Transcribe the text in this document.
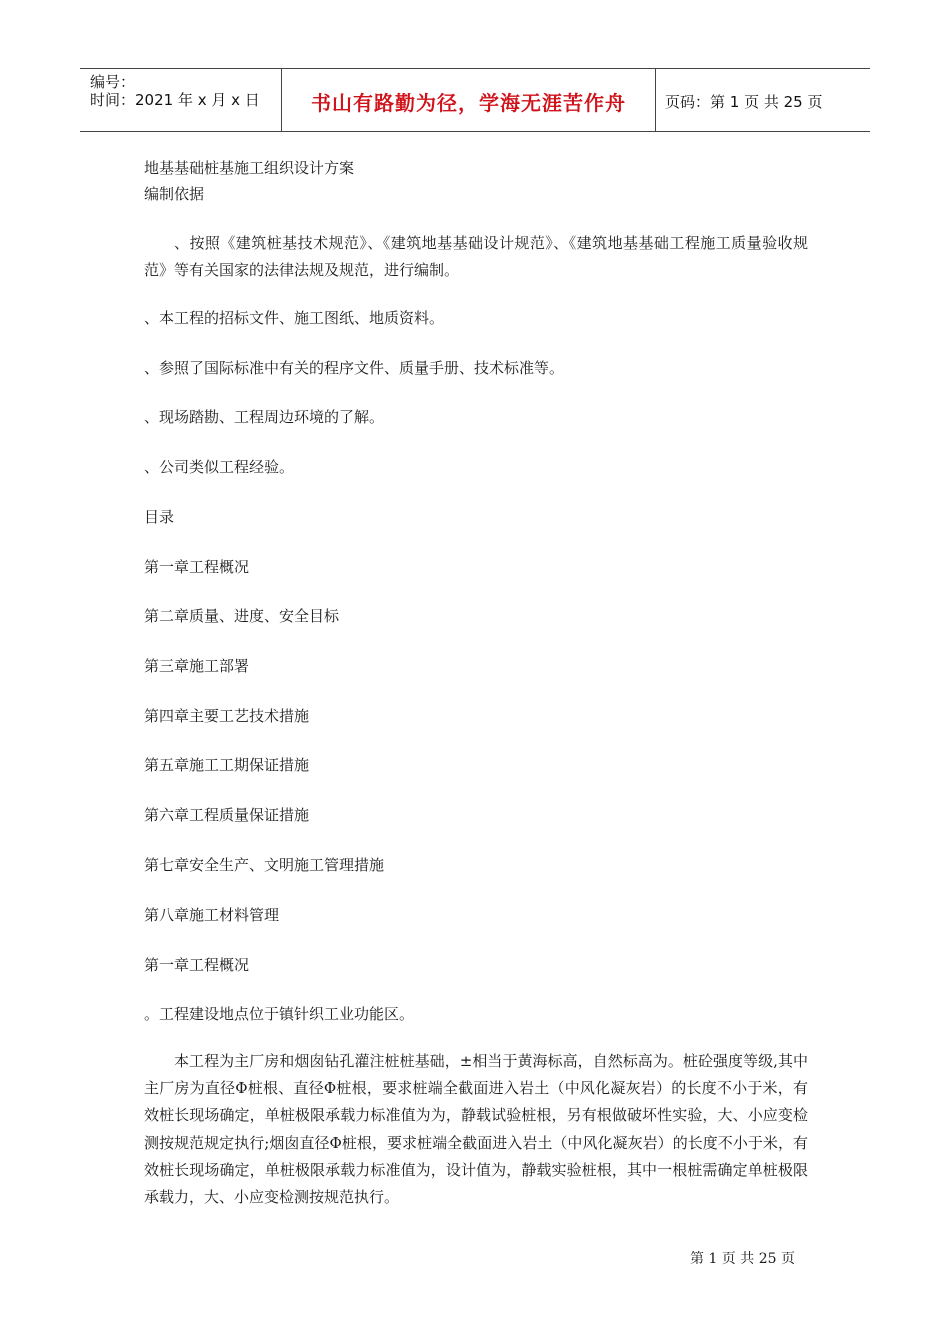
编号：
时间：2021 年 x 月 x 日	书山有路勤为径，学海无涯苦作舟	页码：第 1 页 共 25 页
地基基础桩基施工组织设计方案
编制依据
、按照《建筑桩基技术规范》、《建筑地基基础设计规范》、《建筑地基基础工程施工质量验收规范》等有关国家的法律法规及规范，进行编制。
、本工程的招标文件、施工图纸、地质资料。
、参照了国际标准中有关的程序文件、质量手册、技术标准等。
、现场踏勘、工程周边环境的了解。
、公司类似工程经验。
目录
第一章工程概况
第二章质量、进度、安全目标
第三章施工部署
第四章主要工艺技术措施
第五章施工工期保证措施
第六章工程质量保证措施
第七章安全生产、文明施工管理措施
第八章施工材料管理
第一章工程概况
。工程建设地点位于镇针织工业功能区。
本工程为主厂房和烟囱钻孔灌注桩桩基础，±相当于黄海标高，自然标高为。桩砼强度等级,其中主厂房为直径Φ桩根、直径Φ桩根，要求桩端全截面进入岩土（中风化凝灰岩）的长度不小于米，有效桩长现场确定，单桩极限承载力标准值为为，静载试验桩根，另有根做破坏性实验，大、小应变检测按规范规定执行;烟囱直径Φ桩根，要求桩端全截面进入岩土（中风化凝灰岩）的长度不小于米，有效桩长现场确定，单桩极限承载力标准值为，设计值为，静载实验桩根，其中一根桩需确定单桩极限承载力，大、小应变检测按规范执行。
第 1 页 共 25 页
